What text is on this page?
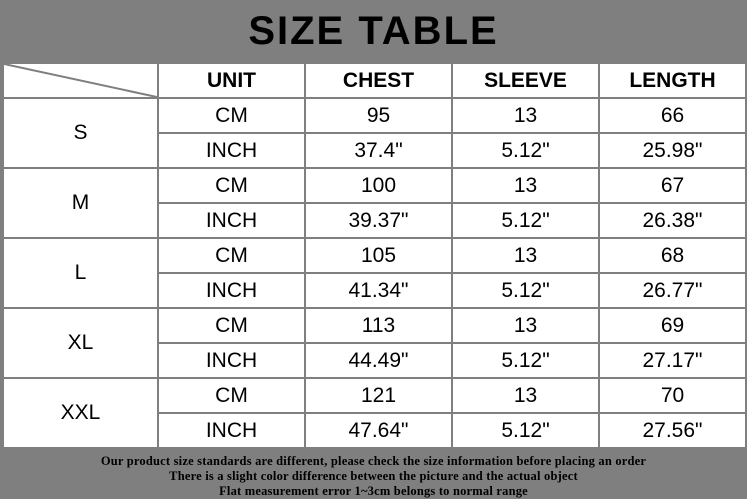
SIZE TABLE
	UNIT	CHEST	SLEEVE	LENGTH
S	CM	95	13	66
	INCH	37.4"	5.12"	25.98"
M	CM	100	13	67
	INCH	39.37"	5.12"	26.38"
L	CM	105	13	68
	INCH	41.34"	5.12"	26.77"
XL	CM	113	13	69
	INCH	44.49"	5.12"	27.17"
XXL	CM	121	13	70
	INCH	47.64"	5.12"	27.56"

Our product size standards are different, please check the size information before placing an order

There is a slight color difference between the picture and the actual object

Flat measurement error 1~3cm belongs to normal range
